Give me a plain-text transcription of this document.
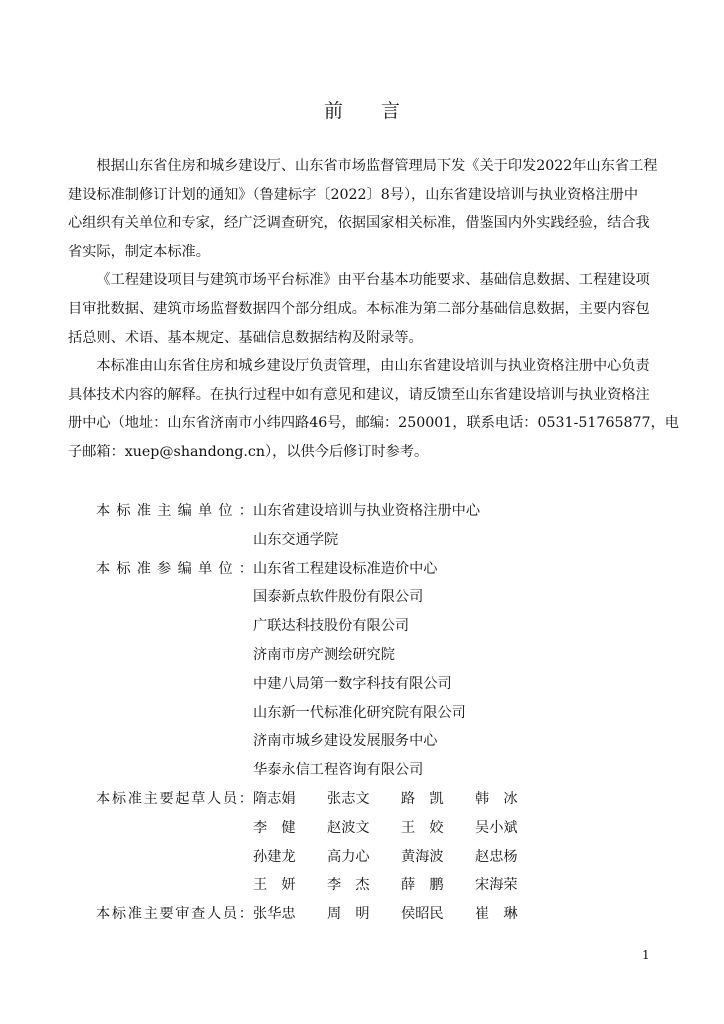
前　　言

根据山东省住房和城乡建设厅、山东省市场监督管理局下发《关于印发2022年山东省工程
建设标准制修订计划的通知》（鲁建标字〔2022〕8号），山东省建设培训与执业资格注册中
心组织有关单位和专家，经广泛调查研究，依据国家相关标准，借鉴国内外实践经验，结合我
省实际，制定本标准。

《工程建设项目与建筑市场平台标准》由平台基本功能要求、基础信息数据、工程建设项
目审批数据、建筑市场监督数据四个部分组成。本标准为第二部分基础信息数据，主要内容包
括总则、术语、基本规定、基础信息数据结构及附录等。

本标准由山东省住房和城乡建设厅负责管理，由山东省建设培训与执业资格注册中心负责
具体技术内容的解释。在执行过程中如有意见和建议，请反馈至山东省建设培训与执业资格注
册中心（地址：山东省济南市小纬四路46号，邮编：250001，联系电话：0531-51765877，电
子邮箱：xuep@shandong.cn），以供今后修订时参考。

本 标 准 主 编 单 位 ： 山东省建设培训与执业资格注册中心
山东交通学院
本 标 准 参 编 单 位 ： 山东省工程建设标准造价中心
国泰新点软件股份有限公司
广联达科技股份有限公司
济南市房产测绘研究院
中建八局第一数字科技有限公司
山东新一代标准化研究院有限公司
济南市城乡建设发展服务中心
华泰永信工程咨询有限公司
本 标 准 主 要 起 草 人 员 ： 隋志娟	张志文	路　凯	韩　冰
李　健	赵波文	王　姣	吴小斌
孙建龙	高力心	黄海波	赵忠杨
王　妍	李　杰	薛　鹏	宋海荣
本 标 准 主 要 审 查 人 员 ： 张华忠	周　明	侯昭民	崔　琳
1
